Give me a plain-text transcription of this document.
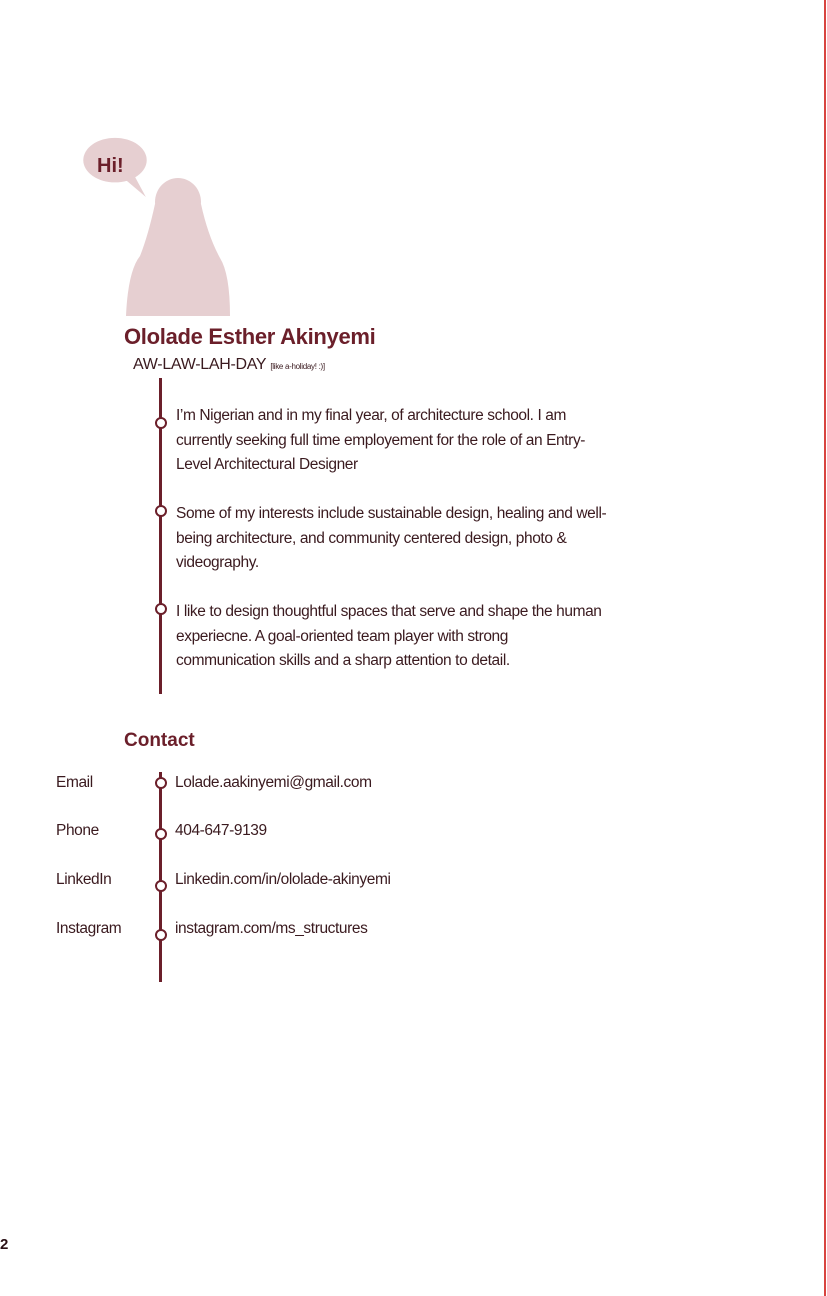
Hi!
Ololade Esther Akinyemi
AW-LAW-LAH-DAY [like a-holiday! :)]
I’m Nigerian and in my final year, of architecture school. I am currently seeking full time employement for the role of an Entry-Level Architectural Designer
Some of my interests include sustainable design, healing and well-being architecture, and community centered design, photo & videography.
I like to design thoughtful spaces that serve and shape the human experiecne. A goal-oriented team player with strong communication skills and a sharp attention to detail.
Contact
Email	Lolade.aakinyemi@gmail.com
Phone	404-647-9139
LinkedIn	Linkedin.com/in/ololade-akinyemi
Instagram	instagram.com/ms_structures
2
